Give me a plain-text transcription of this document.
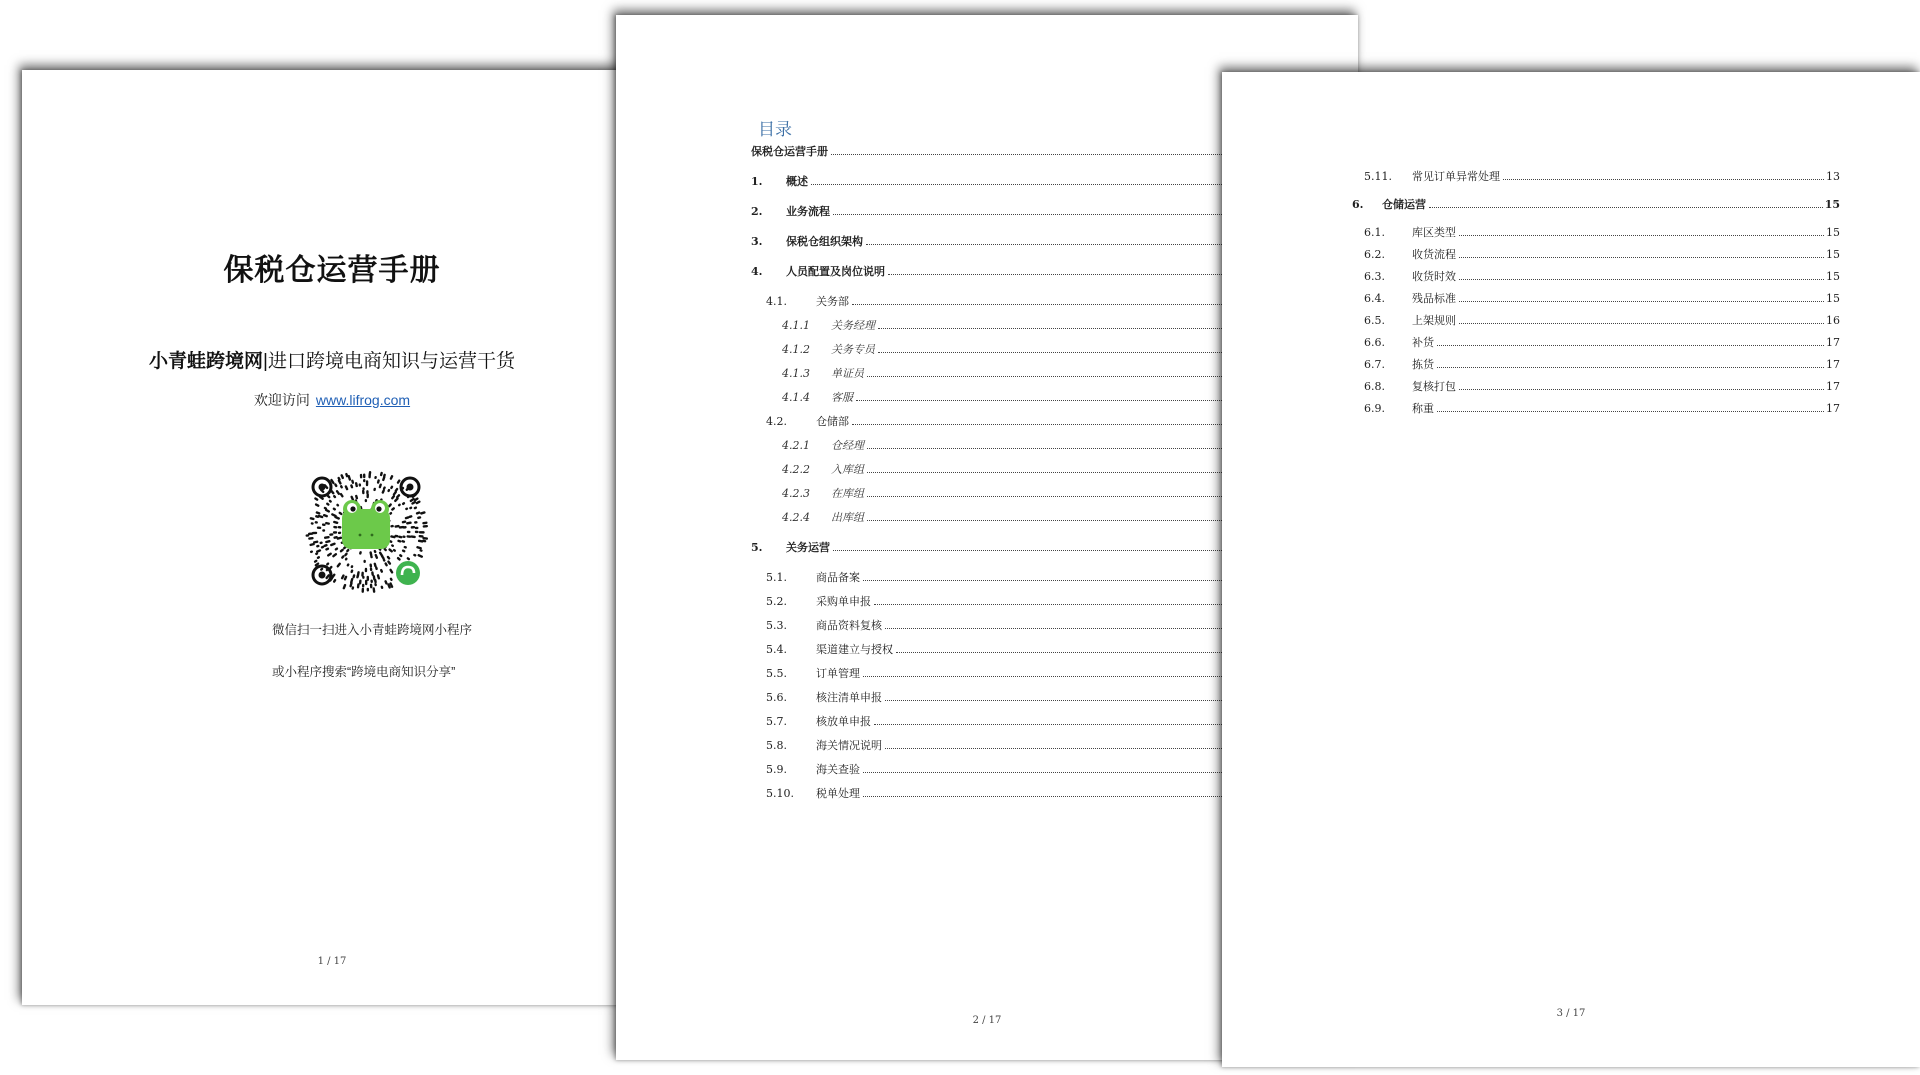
保税仓运营手册
小青蛙跨境网|进口跨境电商知识与运营干货
欢迎访问 www.lifrog.com
微信扫一扫进入小青蛙跨境网小程序
或小程序搜索“跨境电商知识分享”
1 / 17
目录
保税仓运营手册
1.	概述
2.	业务流程
3.	保税仓组织架构
4.	人员配置及岗位说明
4.1.	关务部
4.1.1	关务经理
4.1.2	关务专员
4.1.3	单证员
4.1.4	客服
4.2.	仓储部
4.2.1	仓经理
4.2.2	入库组
4.2.3	在库组
4.2.4	出库组
5.	关务运营
5.1.	商品备案
5.2.	采购单申报
5.3.	商品资料复核
5.4.	渠道建立与授权
5.5.	订单管理
5.6.	核注清单申报
5.7.	核放单申报
5.8.	海关情况说明
5.9.	海关查验
5.10.	税单处理
2 / 17
5.11.	常见订单异常处理	13
6.	仓储运营	15
6.1.	库区类型	15
6.2.	收货流程	15
6.3.	收货时效	15
6.4.	残品标准	15
6.5.	上架规则	16
6.6.	补货	17
6.7.	拣货	17
6.8.	复核打包	17
6.9.	称重	17
3 / 17
